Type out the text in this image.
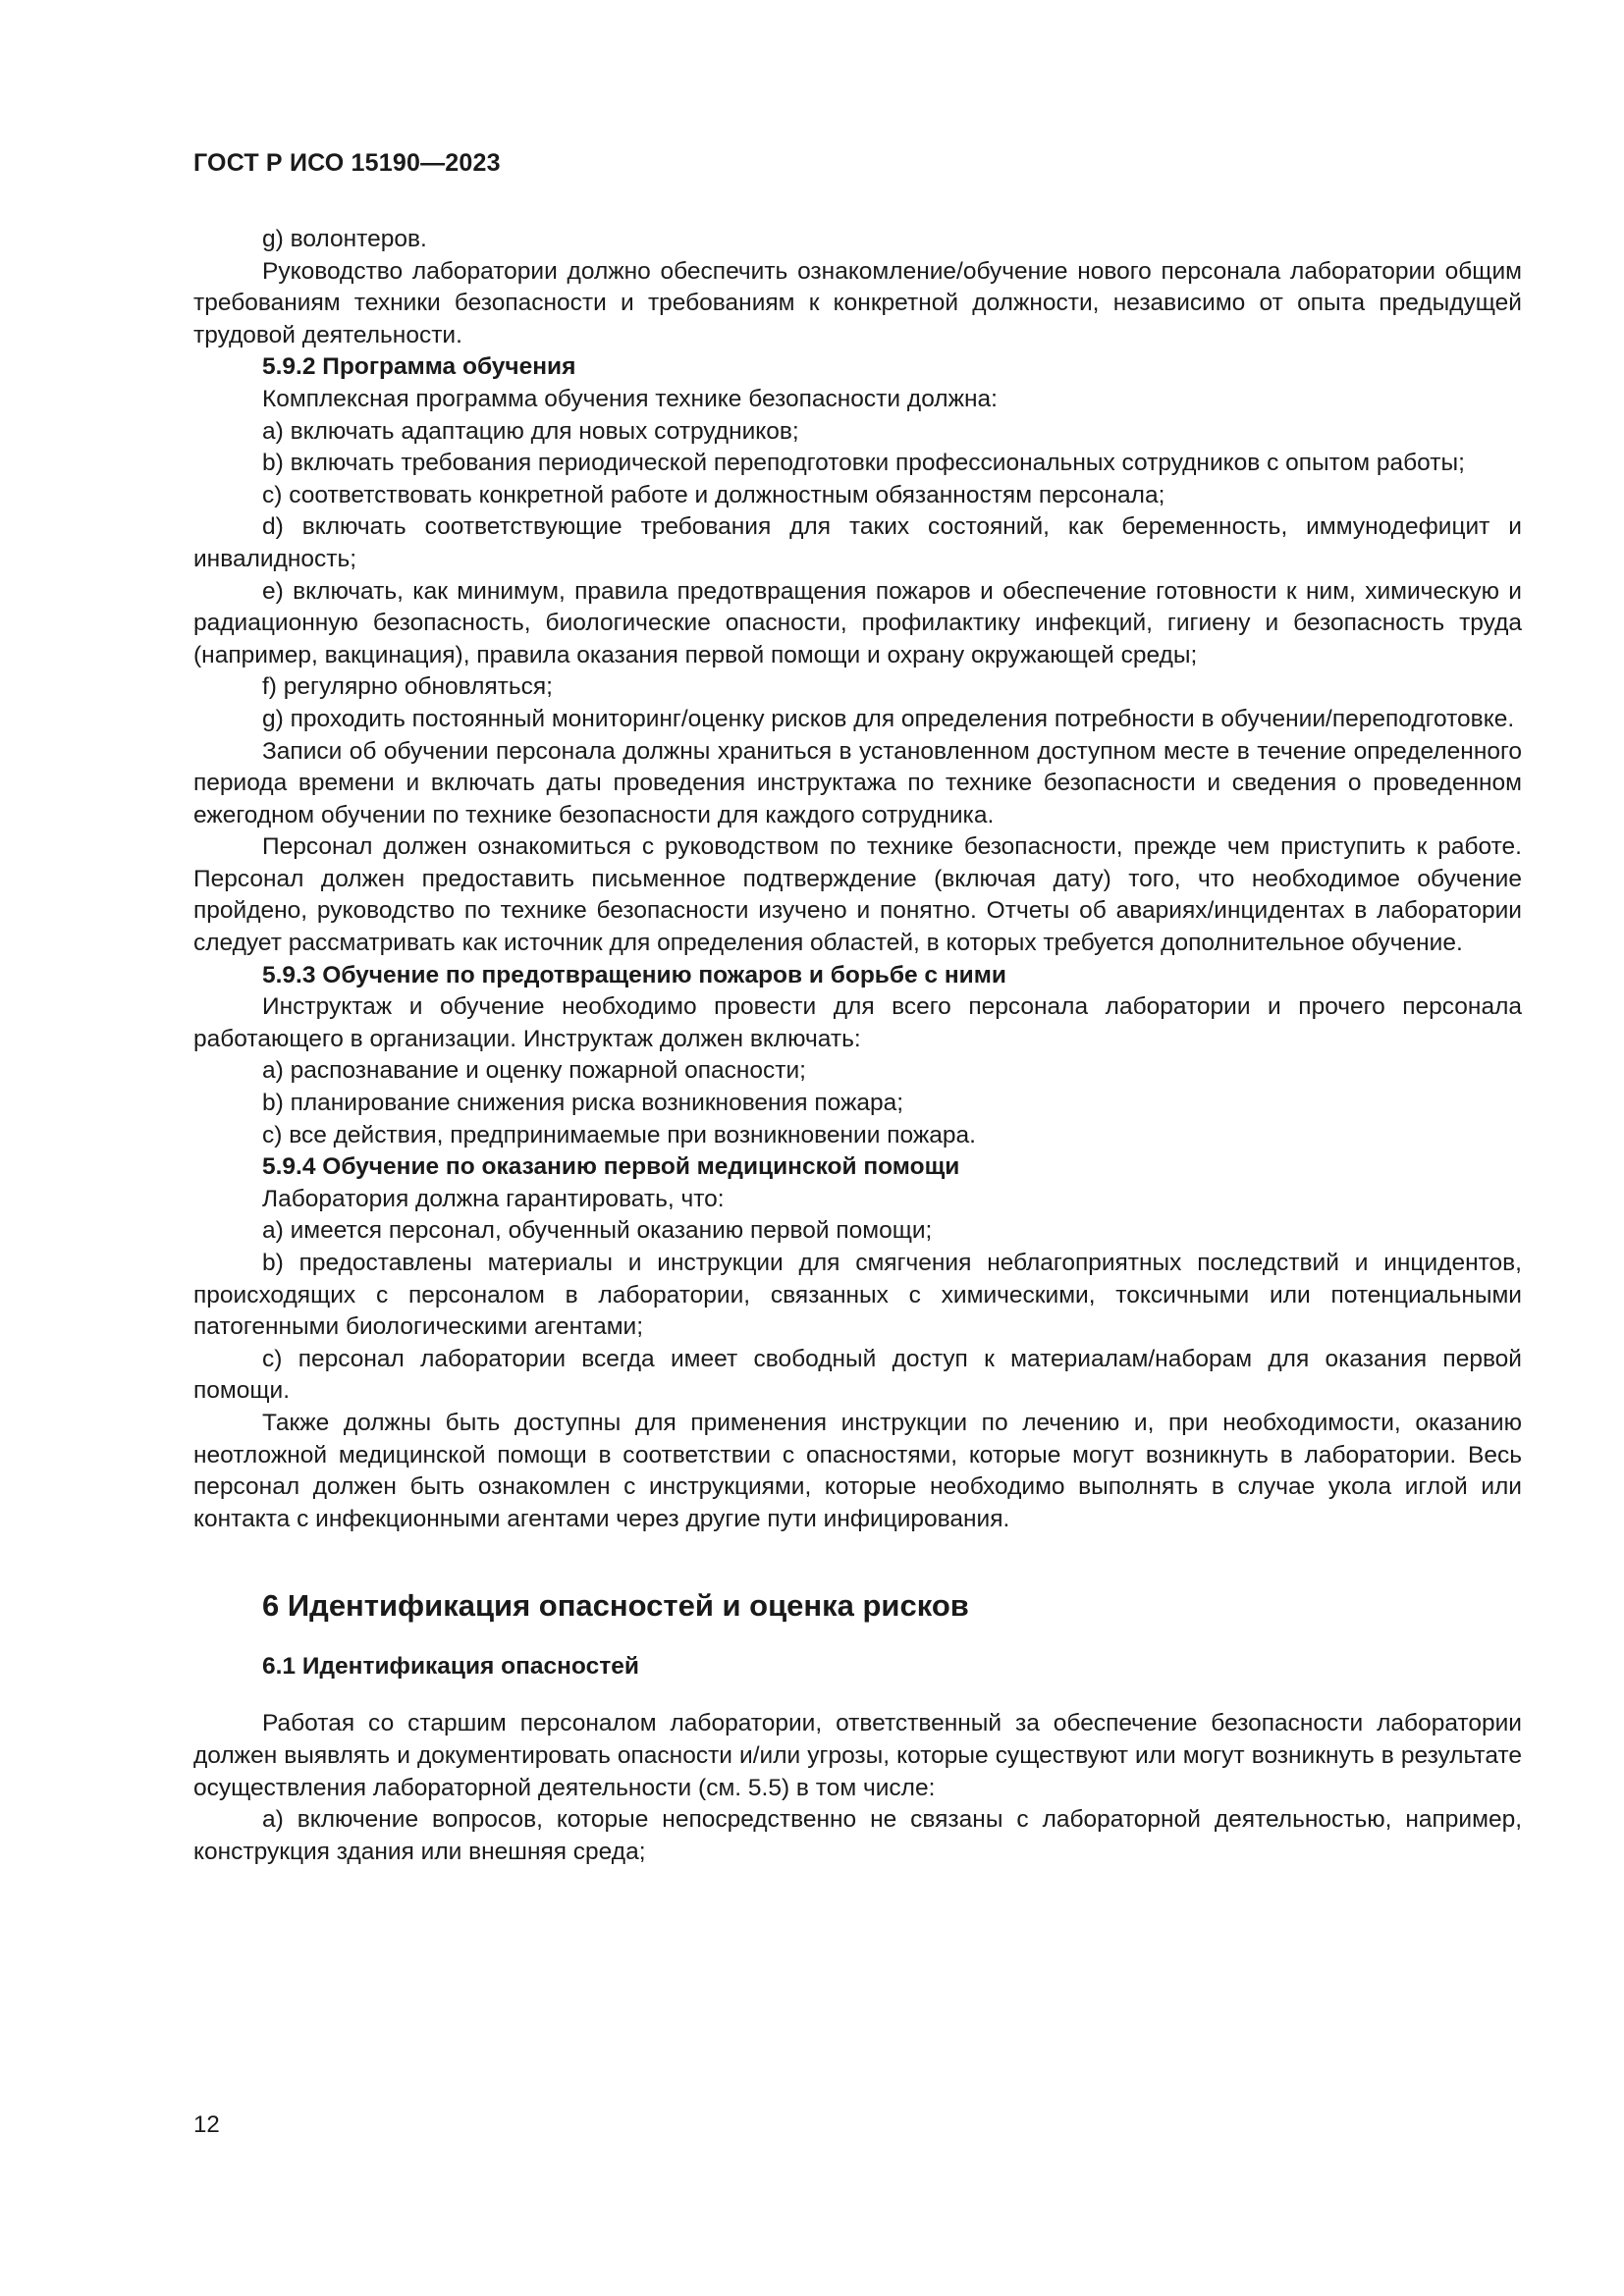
ГОСТ Р ИСО 15190—2023

g) волонтеров.

Руководство лаборатории должно обеспечить ознакомление/обучение нового персонала лаборатории общим требованиям техники безопасности и требованиям к конкретной должности, независимо от опыта предыдущей трудовой деятельности.

5.9.2 Программа обучения

Комплексная программа обучения технике безопасности должна:

a) включать адаптацию для новых сотрудников;

b) включать требования периодической переподготовки профессиональных сотрудников с опытом работы;

c) соответствовать конкретной работе и должностным обязанностям персонала;

d) включать соответствующие требования для таких состояний, как беременность, иммунодефицит и инвалидность;

e) включать, как минимум, правила предотвращения пожаров и обеспечение готовности к ним, химическую и радиационную безопасность, биологические опасности, профилактику инфекций, гигиену и безопасность труда (например, вакцинация), правила оказания первой помощи и охрану окружающей среды;

f) регулярно обновляться;

g) проходить постоянный мониторинг/оценку рисков для определения потребности в обучении/переподготовке.

Записи об обучении персонала должны храниться в установленном доступном месте в течение определенного периода времени и включать даты проведения инструктажа по технике безопасности и сведения о проведенном ежегодном обучении по технике безопасности для каждого сотрудника.

Персонал должен ознакомиться с руководством по технике безопасности, прежде чем приступить к работе. Персонал должен предоставить письменное подтверждение (включая дату) того, что необходимое обучение пройдено, руководство по технике безопасности изучено и понятно. Отчеты об авариях/инцидентах в лаборатории следует рассматривать как источник для определения областей, в которых требуется дополнительное обучение.

5.9.3 Обучение по предотвращению пожаров и борьбе с ними

Инструктаж и обучение необходимо провести для всего персонала лаборатории и прочего персонала работающего в организации. Инструктаж должен включать:

a) распознавание и оценку пожарной опасности;

b) планирование снижения риска возникновения пожара;

c) все действия, предпринимаемые при возникновении пожара.

5.9.4 Обучение по оказанию первой медицинской помощи

Лаборатория должна гарантировать, что:

a) имеется персонал, обученный оказанию первой помощи;

b) предоставлены материалы и инструкции для смягчения неблагоприятных последствий и инцидентов, происходящих с персоналом в лаборатории, связанных с химическими, токсичными или потенциальными патогенными биологическими агентами;

c) персонал лаборатории всегда имеет свободный доступ к материалам/наборам для оказания первой помощи.

Также должны быть доступны для применения инструкции по лечению и, при необходимости, оказанию неотложной медицинской помощи в соответствии с опасностями, которые могут возникнуть в лаборатории. Весь персонал должен быть ознакомлен с инструкциями, которые необходимо выполнять в случае укола иглой или контакта с инфекционными агентами через другие пути инфицирования.

6 Идентификация опасностей и оценка рисков
6.1 Идентификация опасностей

Работая со старшим персоналом лаборатории, ответственный за обеспечение безопасности лаборатории должен выявлять и документировать опасности и/или угрозы, которые существуют или могут возникнуть в результате осуществления лабораторной деятельности (см. 5.5) в том числе:

a) включение вопросов, которые непосредственно не связаны с лабораторной деятельностью, например, конструкция здания или внешняя среда;

12
